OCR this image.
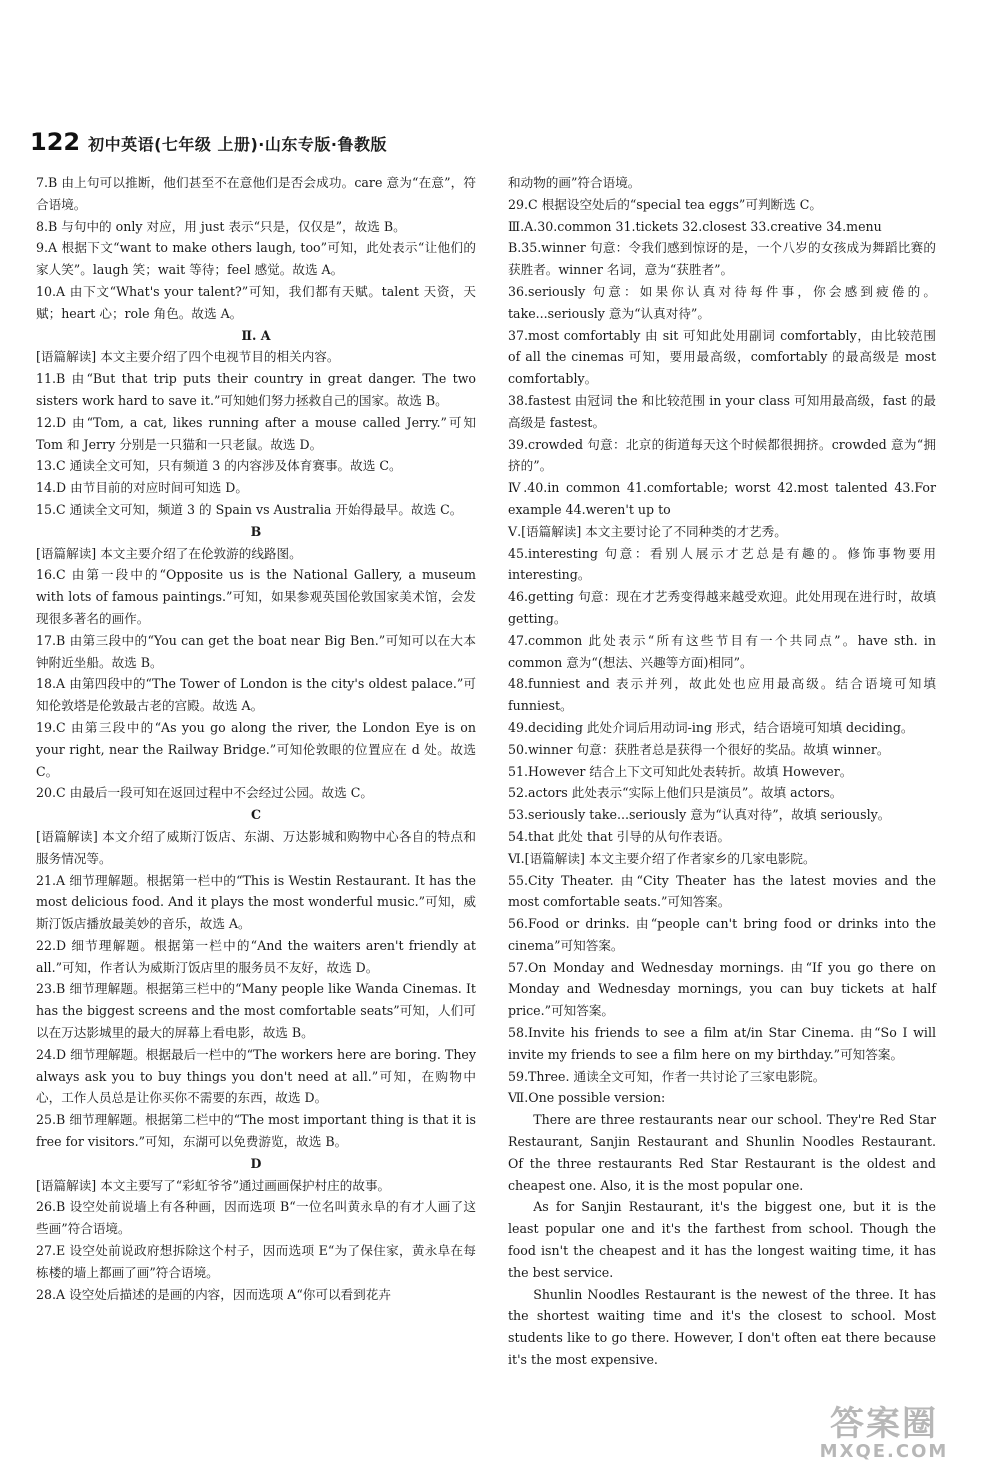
122 初中英语(七年级 上册)·山东专版·鲁教版

7.B 由上句可以推断，他们甚至不在意他们是否会成功。care 意为“在意”，符合语境。

8.B 与句中的 only 对应，用 just 表示“只是，仅仅是”，故选 B。

9.A 根据下文“want to make others laugh, too”可知，此处表示“让他们的家人笑”。laugh 笑；wait 等待；feel 感觉。故选 A。

10.A 由下文“What's your talent?”可知，我们都有天赋。talent 天资，天赋；heart 心；role 角色。故选 A。

Ⅱ. A

[语篇解读] 本文主要介绍了四个电视节目的相关内容。

11.B 由“But that trip puts their country in great danger. The two sisters work hard to save it.”可知她们努力拯救自己的国家。故选 B。

12.D 由“Tom, a cat, likes running after a mouse called Jerry.”可知 Tom 和 Jerry 分别是一只猫和一只老鼠。故选 D。

13.C 通读全文可知，只有频道 3 的内容涉及体育赛事。故选 C。

14.D 由节目前的对应时间可知选 D。

15.C 通读全文可知，频道 3 的 Spain vs Australia 开始得最早。故选 C。

B

[语篇解读] 本文主要介绍了在伦敦游的线路图。

16.C 由第一段中的“Opposite us is the National Gallery, a museum with lots of famous paintings.”可知，如果参观英国伦敦国家美术馆，会发现很多著名的画作。

17.B 由第三段中的“You can get the boat near Big Ben.”可知可以在大本钟附近坐船。故选 B。

18.A 由第四段中的“The Tower of London is the city's oldest palace.”可知伦敦塔是伦敦最古老的宫殿。故选 A。

19.C 由第三段中的“As you go along the river, the London Eye is on your right, near the Railway Bridge.”可知伦敦眼的位置应在 d 处。故选 C。

20.C 由最后一段可知在返回过程中不会经过公园。故选 C。

C

[语篇解读] 本文介绍了威斯汀饭店、东湖、万达影城和购物中心各自的特点和服务情况等。

21.A 细节理解题。根据第一栏中的“This is Westin Restaurant. It has the most delicious food. And it plays the most wonderful music.”可知，威斯汀饭店播放最美妙的音乐，故选 A。

22.D 细节理解题。根据第一栏中的“And the waiters aren't friendly at all.”可知，作者认为威斯汀饭店里的服务员不友好，故选 D。

23.B 细节理解题。根据第三栏中的“Many people like Wanda Cinemas. It has the biggest screens and the most comfortable seats”可知，人们可以在万达影城里的最大的屏幕上看电影，故选 B。

24.D 细节理解题。根据最后一栏中的“The workers here are boring. They always ask you to buy things you don't need at all.”可知，在购物中心，工作人员总是让你买你不需要的东西，故选 D。

25.B 细节理解题。根据第二栏中的“The most important thing is that it is free for visitors.”可知，东湖可以免费游览，故选 B。

D

[语篇解读] 本文主要写了“彩虹爷爷”通过画画保护村庄的故事。

26.B 设空处前说墙上有各种画，因而选项 B“一位名叫黄永阜的有才人画了这些画”符合语境。

27.E 设空处前说政府想拆除这个村子，因而选项 E“为了保住家，黄永阜在每栋楼的墙上都画了画”符合语境。

28.A 设空处后描述的是画的内容，因而选项 A“你可以看到花卉

和动物的画”符合语境。

29.C 根据设空处后的“special tea eggs”可判断选 C。

Ⅲ.A.30.common 31.tickets 32.closest 33.creative 34.menu

B.35.winner 句意：令我们感到惊讶的是，一个八岁的女孩成为舞蹈比赛的获胜者。winner 名词，意为“获胜者”。

36.seriously 句意：如果你认真对待每件事，你会感到疲倦的。take...seriously 意为“认真对待”。

37.most comfortably 由 sit 可知此处用副词 comfortably，由比较范围 of all the cinemas 可知，要用最高级，comfortably 的最高级是 most comfortably。

38.fastest 由冠词 the 和比较范围 in your class 可知用最高级，fast 的最高级是 fastest。

39.crowded 句意：北京的街道每天这个时候都很拥挤。crowded 意为“拥挤的”。

Ⅳ.40.in common 41.comfortable; worst 42.most talented 43.For example 44.weren't up to

Ⅴ.[语篇解读] 本文主要讨论了不同种类的才艺秀。

45.interesting 句意：看别人展示才艺总是有趣的。修饰事物要用 interesting。

46.getting 句意：现在才艺秀变得越来越受欢迎。此处用现在进行时，故填 getting。

47.common 此处表示“所有这些节目有一个共同点”。have sth. in common 意为“(想法、兴趣等方面)相同”。

48.funniest and 表示并列，故此处也应用最高级。结合语境可知填 funniest。

49.deciding 此处介词后用动词-ing 形式，结合语境可知填 deciding。

50.winner 句意：获胜者总是获得一个很好的奖品。故填 winner。

51.However 结合上下文可知此处表转折。故填 However。

52.actors 此处表示“实际上他们只是演员”。故填 actors。

53.seriously take...seriously 意为“认真对待”，故填 seriously。

54.that 此处 that 引导的从句作表语。

Ⅵ.[语篇解读] 本文主要介绍了作者家乡的几家电影院。

55.City Theater. 由“City Theater has the latest movies and the most comfortable seats.”可知答案。

56.Food or drinks. 由“people can't bring food or drinks into the cinema”可知答案。

57.On Monday and Wednesday mornings. 由“If you go there on Monday and Wednesday mornings, you can buy tickets at half price.”可知答案。

58.Invite his friends to see a film at/in Star Cinema. 由“So I will invite my friends to see a film here on my birthday.”可知答案。

59.Three. 通读全文可知，作者一共讨论了三家电影院。

Ⅶ.One possible version:

There are three restaurants near our school. They're Red Star Restaurant, Sanjin Restaurant and Shunlin Noodles Restaurant. Of the three restaurants Red Star Restaurant is the oldest and cheapest one. Also, it is the most popular one.

As for Sanjin Restaurant, it's the biggest one, but it is the least popular one and it's the farthest from school. Though the food isn't the cheapest and it has the longest waiting time, it has the best service.

Shunlin Noodles Restaurant is the newest of the three. It has the shortest waiting time and it's the closest to school. Most students like to go there. However, I don't often eat there because it's the most expensive.

答案圈
MXQE.COM
